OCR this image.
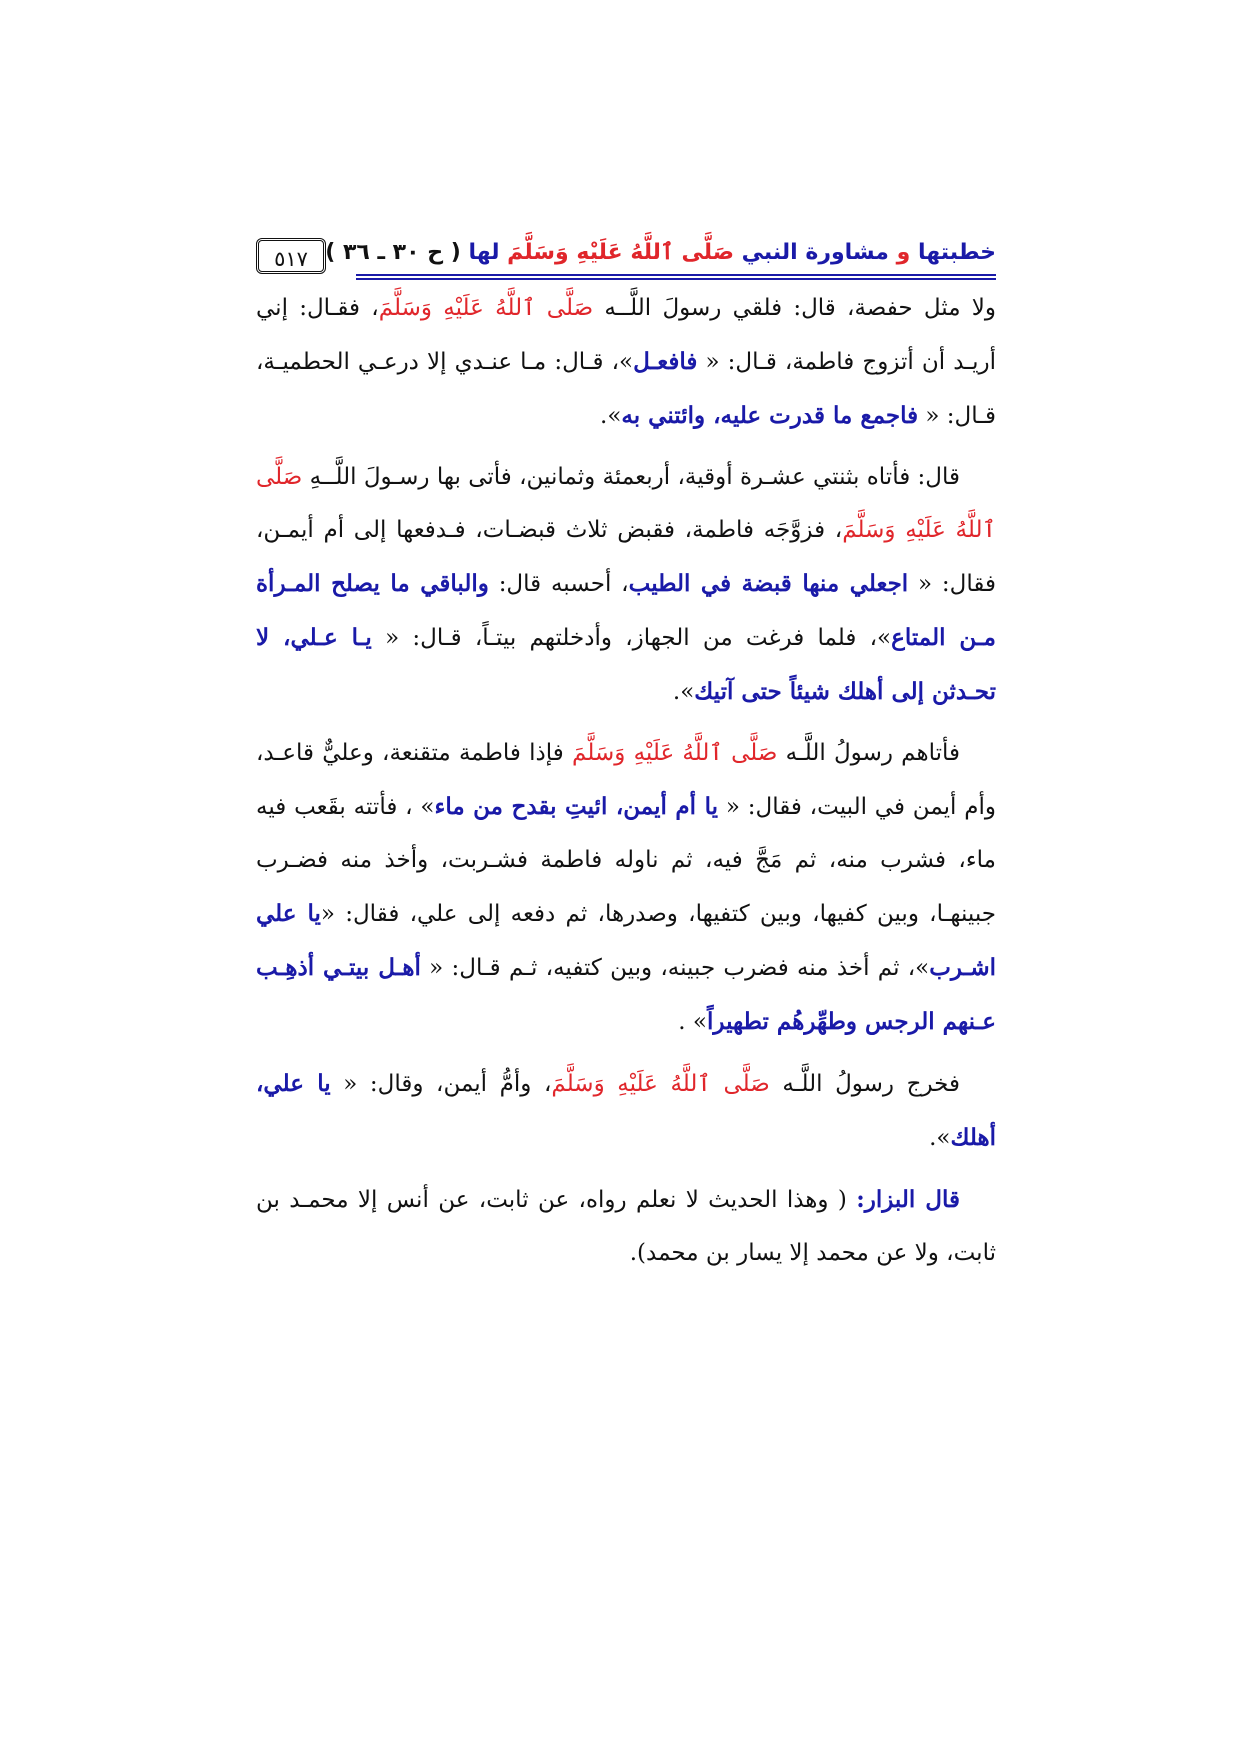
خطبتها و مشاورة النبي صَلَّى ٱللَّهُ عَلَيْهِ وَسَلَّمَ لها ( ح ٣٠ ـ ٣٦ )
٥١٧

ولا مثل حفصة، قال: فلقي رسولَ اللَّــه صَلَّى ٱللَّهُ عَلَيْهِ وَسَلَّمَ، فقـال: إني أريـد أن أتزوج فاطمة، قـال: « فافعـل»، قـال: مـا عنـدي إلا درعـي الحطميـة، قـال: « فاجمع ما قدرت عليه، وائتني به».

قال: فأتاه بثنتي عشـرة أوقية، أربعمئة وثمانين، فأتى بها رسـولَ اللَّــهِ صَلَّى ٱللَّهُ عَلَيْهِ وَسَلَّمَ، فزوَّجَه فاطمة، فقبض ثلاث قبضـات، فـدفعها إلى أم أيمـن، فقال: « اجعلي منها قبضة في الطيب، أحسبه قال: والباقي ما يصلح المـرأة مـن المتاع»، فلما فرغت من الجهاز، وأدخلتهم بيتـاً، قـال: « يـا عـلي، لا تحـدثن إلى أهلك شيئاً حتى آتيك».

فأتاهم رسولُ اللَّـه صَلَّى ٱللَّهُ عَلَيْهِ وَسَلَّمَ فإذا فاطمة متقنعة، وعليٌّ قاعـد، وأم أيمن في البيت، فقال: « يا أم أيمن، ائيتِ بقدح من ماء» ، فأتته بقَعب فيه ماء، فشرب منه، ثم مَجَّ فيه، ثم ناوله فاطمة فشـربت، وأخذ منه فضـرب جبينهـا، وبين كفيها، وبين كتفيها، وصدرها، ثم دفعه إلى علي، فقال: «يا علي اشـرب»، ثم أخذ منه فضرب جبينه، وبين كتفيه، ثـم قـال: « أهـل بيتـي أذهِـب عـنهم الرجس وطهِّرهُم تطهيراً» .

فخرج رسولُ اللَّـه صَلَّى ٱللَّهُ عَلَيْهِ وَسَلَّمَ، وأمُّ أيمن، وقال: « يا علي، أهلك».

قال البزار: ( وهذا الحديث لا نعلم رواه، عن ثابت، عن أنس إلا محمـد بن ثابت، ولا عن محمد إلا يسار بن محمد).
